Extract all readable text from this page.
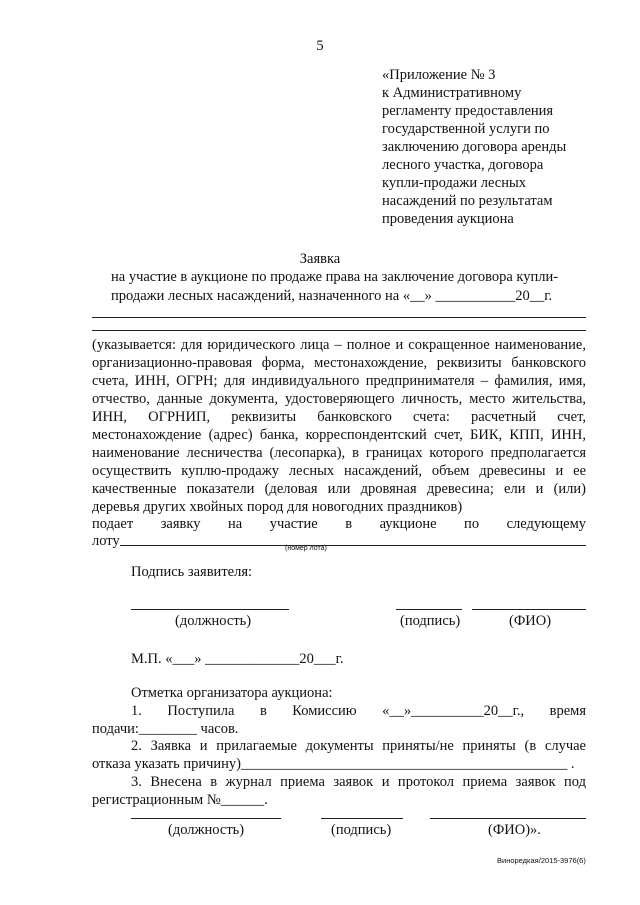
5
«Приложение № 3
к Административному
регламенту предоставления
государственной услуги по
заключению договора аренды
лесного участка, договора
купли-продажи лесных
насаждений по результатам
проведения аукциона
Заявка
на участие в аукционе по продаже права на заключение договора купли-
продажи лесных насаждений, назначенного на «__» ___________20__г.
(указывается: для юридического лица – полное и сокращенное наименование,
организационно-правовая форма, местонахождение, реквизиты банковского
счета, ИНН, ОГРН; для индивидуального предпринимателя – фамилия, имя,
отчество, данные документа, удостоверяющего личность, место жительства,
ИНН, ОГРНИП, реквизиты банковского счета: расчетный счет,
местонахождение (адрес) банка, корреспондентский счет, БИК, КПП, ИНН,
наименование лесничества (лесопарка), в границах которого предполагается
осуществить куплю-продажу лесных насаждений, объем древесины и ее
качественные показатели (деловая или дровяная древесина; ели и (или)
деревья других хвойных пород для новогодних праздников)
подает заявку на участие в аукционе по следующему
лоту	(номер лота)
Подпись заявителя:
(должность)	(подпись)	(ФИО)
М.П. «___» _____________20___г.
Отметка организатора аукциона:
1. Поступила в Комиссию «__»__________20__г., время
подачи:________ часов.
2. Заявка и прилагаемые документы приняты/не приняты (в случае
отказа указать причину)_____________________________________________ .
3. Внесена в журнал приема заявок и протокол приема заявок под
регистрационным №______.
(должность)	(подпись)	(ФИО)».
Виноредкая/2015-3976(6)
